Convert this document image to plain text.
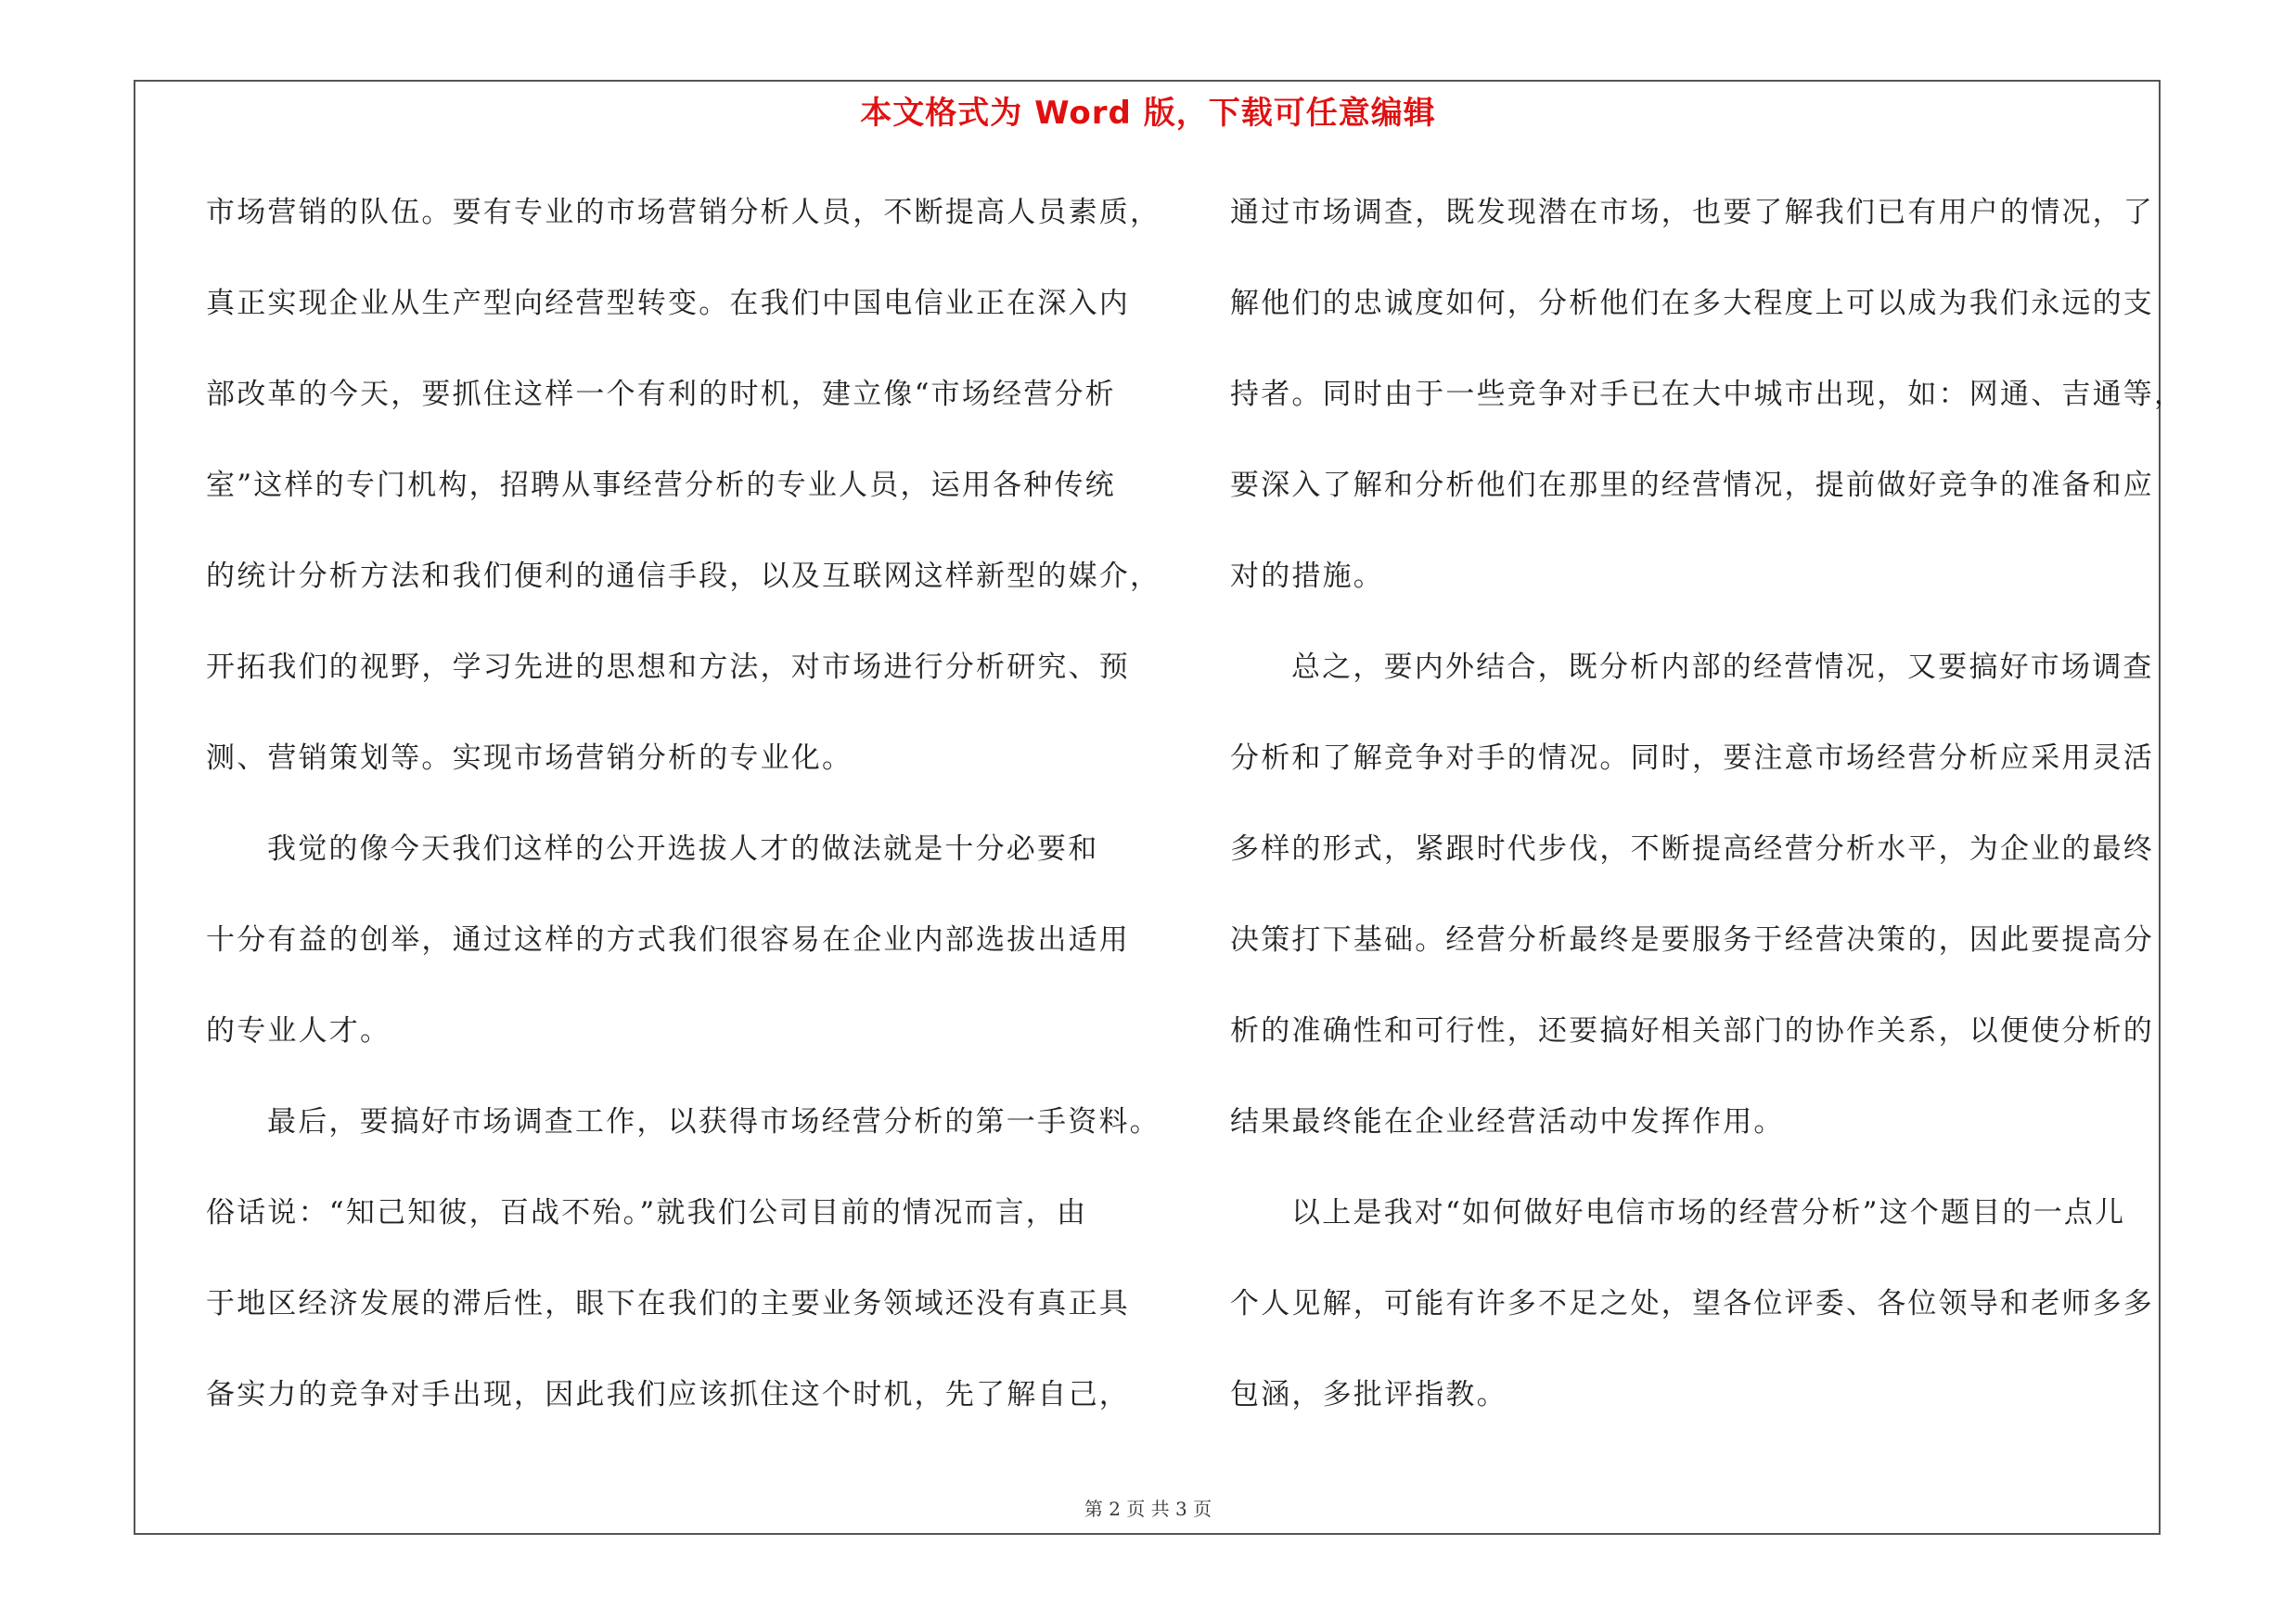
本文格式为 Word 版，下载可任意编辑
市场营销的队伍。要有专业的市场营销分析人员，不断提高人员素质，
真正实现企业从生产型向经营型转变。在我们中国电信业正在深入内
部改革的今天，要抓住这样一个有利的时机，建立像“市场经营分析
室”这样的专门机构，招聘从事经营分析的专业人员，运用各种传统
的统计分析方法和我们便利的通信手段，以及互联网这样新型的媒介，
开拓我们的视野，学习先进的思想和方法，对市场进行分析研究、预
测、营销策划等。实现市场营销分析的专业化。
我觉的像今天我们这样的公开选拔人才的做法就是十分必要和
十分有益的创举，通过这样的方式我们很容易在企业内部选拔出适用
的专业人才。
最后，要搞好市场调查工作，以获得市场经营分析的第一手资料。
俗话说：“知己知彼，百战不殆。”就我们公司目前的情况而言，由
于地区经济发展的滞后性，眼下在我们的主要业务领域还没有真正具
备实力的竞争对手出现，因此我们应该抓住这个时机，先了解自己，
通过市场调查，既发现潜在市场，也要了解我们已有用户的情况，了
解他们的忠诚度如何，分析他们在多大程度上可以成为我们永远的支
持者。同时由于一些竞争对手已在大中城市出现，如：网通、吉通等，
要深入了解和分析他们在那里的经营情况，提前做好竞争的准备和应
对的措施。
总之，要内外结合，既分析内部的经营情况，又要搞好市场调查
分析和了解竞争对手的情况。同时，要注意市场经营分析应采用灵活
多样的形式，紧跟时代步伐，不断提高经营分析水平，为企业的最终
决策打下基础。经营分析最终是要服务于经营决策的，因此要提高分
析的准确性和可行性，还要搞好相关部门的协作关系，以便使分析的
结果最终能在企业经营活动中发挥作用。
以上是我对“如何做好电信市场的经营分析”这个题目的一点儿
个人见解，可能有许多不足之处，望各位评委、各位领导和老师多多
包涵，多批评指教。
第 2 页 共 3 页
